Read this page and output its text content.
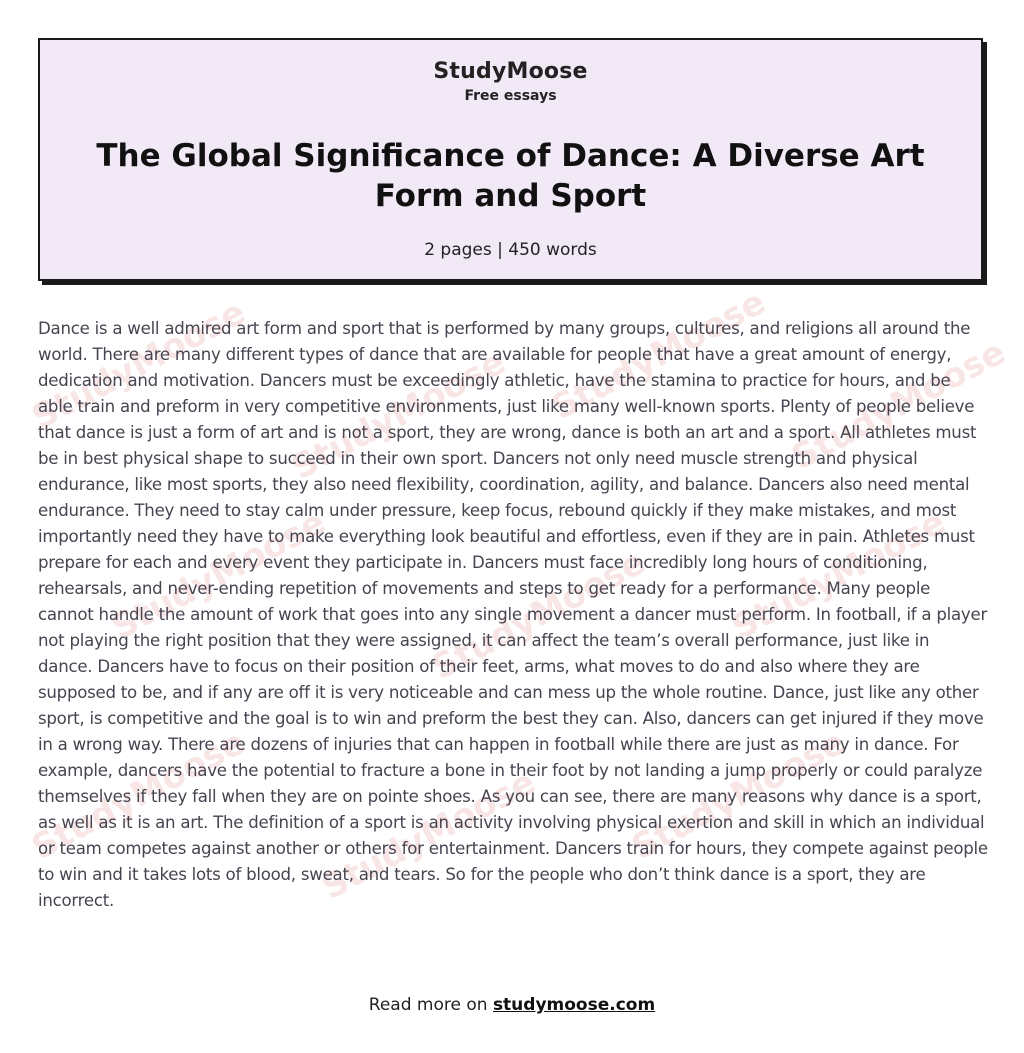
StudyMoose StudyMoose StudyMoose StudyMoose
StudyMoose	StudyMoose StudyMoose
StudyMoose StudyMoose StudyMoose
StudyMoose
Free essays
The Global Significance of Dance: A Diverse Art Form and Sport
2 pages | 450 words

Dance is a well admired art form and sport that is performed by many groups, cultures, and religions all around the world. There are many different types of dance that are available for people that have a great amount of energy, dedication and motivation. Dancers must be exceedingly athletic, have the stamina to practice for hours, and be able train and preform in very competitive environments, just like many well-known sports. Plenty of people believe that dance is just a form of art and is not a sport, they are wrong, dance is both an art and a sport. All athletes must be in best physical shape to succeed in their own sport. Dancers not only need muscle strength and physical endurance, like most sports, they also need flexibility, coordination, agility, and balance. Dancers also need mental endurance. They need to stay calm under pressure, keep focus, rebound quickly if they make mistakes, and most importantly need they have to make everything look beautiful and effortless, even if they are in pain. Athletes must prepare for each and every event they participate in. Dancers must face incredibly long hours of conditioning, rehearsals, and never-ending repetition of movements and steps to get ready for a performance. Many people cannot handle the amount of work that goes into any single movement a dancer must perform. In football, if a player not playing the right position that they were assigned, it can affect the team’s overall performance, just like in dance. Dancers have to focus on their position of their feet, arms, what moves to do and also where they are supposed to be, and if any are off it is very noticeable and can mess up the whole routine. Dance, just like any other sport, is competitive and the goal is to win and preform the best they can. Also, dancers can get injured if they move in a wrong way. There are dozens of injuries that can happen in football while there are just as many in dance. For example, dancers have the potential to fracture a bone in their foot by not landing a jump properly or could paralyze themselves if they fall when they are on pointe shoes. As you can see, there are many reasons why dance is a sport, as well as it is an art. The definition of a sport is an activity involving physical exertion and skill in which an individual or team competes against another or others for entertainment. Dancers train for hours, they compete against people to win and it takes lots of blood, sweat, and tears. So for the people who don’t think dance is a sport, they are incorrect.

Read more on studymoose.com
